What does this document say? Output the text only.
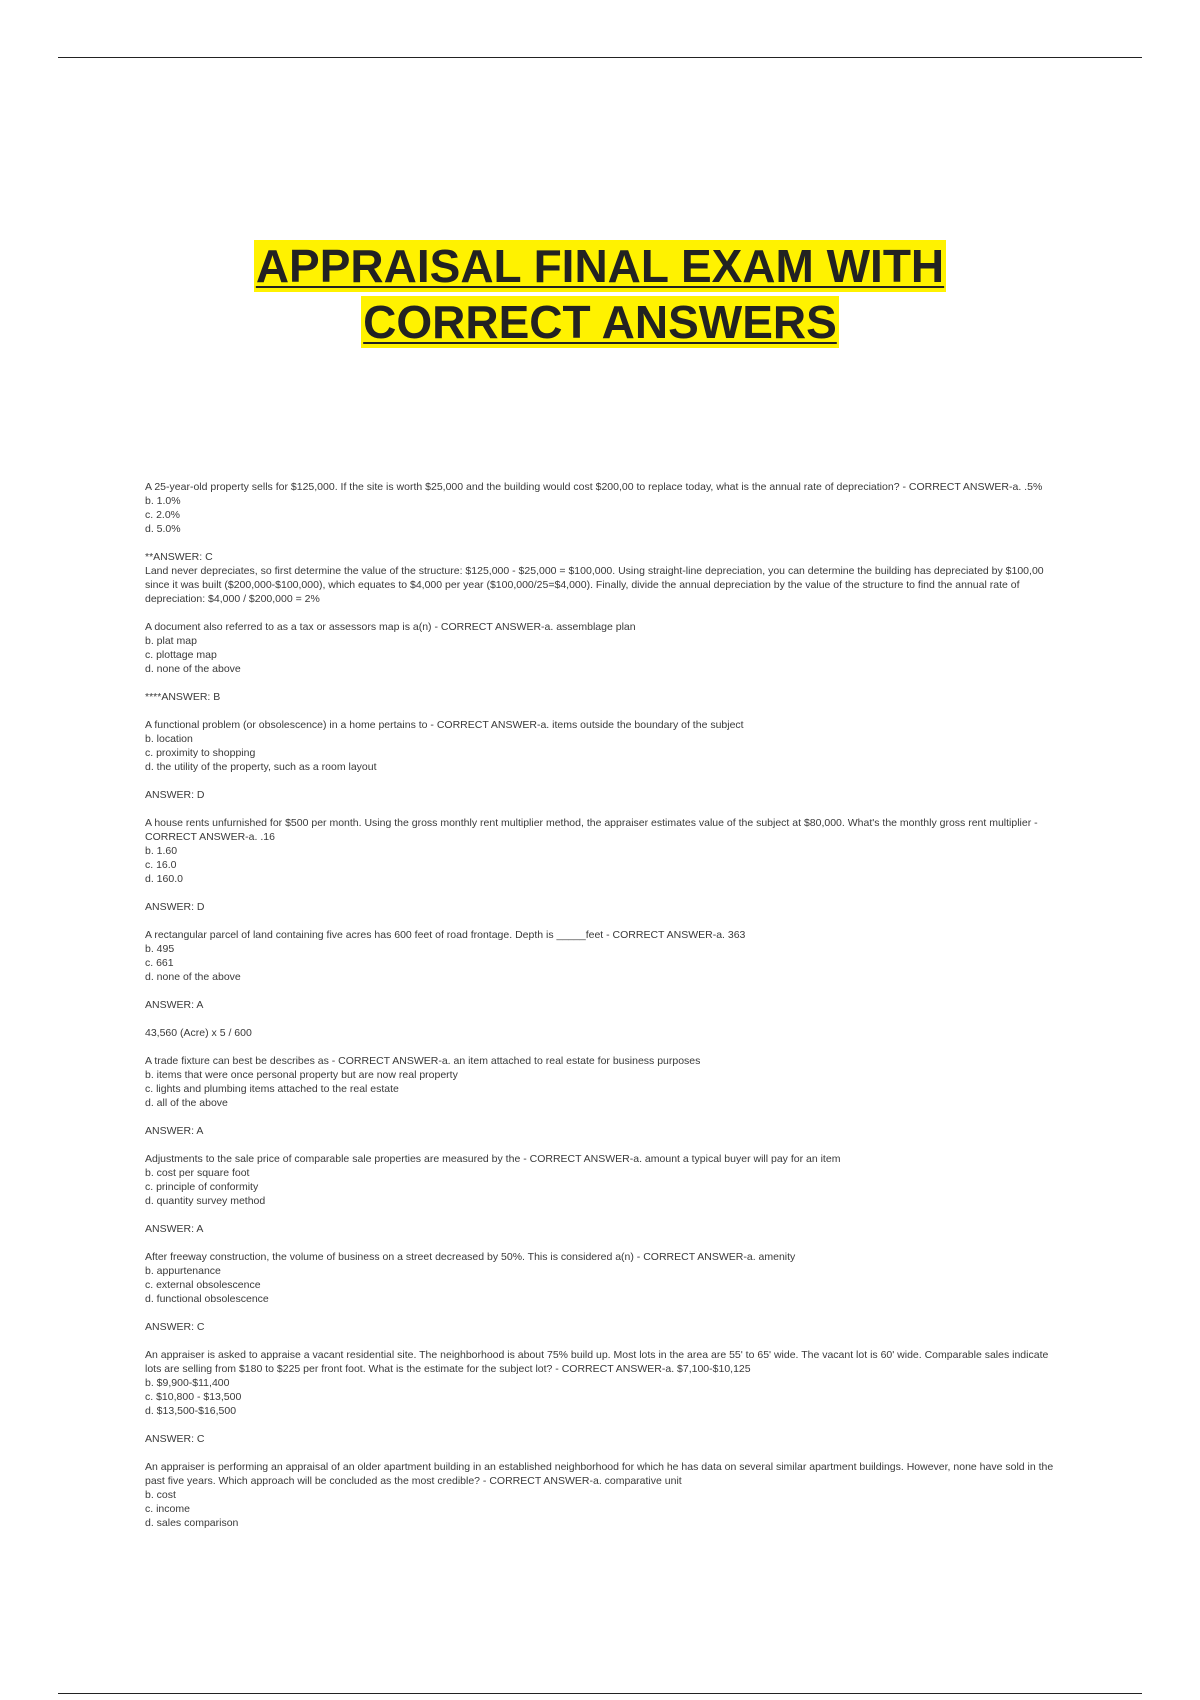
APPRAISAL FINAL EXAM WITH
CORRECT ANSWERS
A 25-year-old property sells for $125,000. If the site is worth $25,000 and the building would cost $200,00 to replace today, what is the annual rate of depreciation? - CORRECT ANSWER-a. .5%
b. 1.0%
c. 2.0%
d. 5.0%
**ANSWER: C
Land never depreciates, so first determine the value of the structure: $125,000 - $25,000 = $100,000. Using straight-line depreciation, you can determine the building has depreciated by $100,00 since it was built ($200,000-$100,000), which equates to $4,000 per year ($100,000/25=$4,000). Finally, divide the annual depreciation by the value of the structure to find the annual rate of depreciation: $4,000 / $200,000 = 2%
A document also referred to as a tax or assessors map is a(n) - CORRECT ANSWER-a. assemblage plan
b. plat map
c. plottage map
d. none of the above
****ANSWER: B
A functional problem (or obsolescence) in a home pertains to - CORRECT ANSWER-a. items outside the boundary of the subject
b. location
c. proximity to shopping
d. the utility of the property, such as a room layout
ANSWER: D
A house rents unfurnished for $500 per month. Using the gross monthly rent multiplier method, the appraiser estimates value of the subject at $80,000. What's the monthly gross rent multiplier - CORRECT ANSWER-a. .16
b. 1.60
c. 16.0
d. 160.0
ANSWER: D
A rectangular parcel of land containing five acres has 600 feet of road frontage. Depth is _____feet - CORRECT ANSWER-a. 363
b. 495
c. 661
d. none of the above
ANSWER: A
43,560 (Acre) x 5 / 600
A trade fixture can best be describes as - CORRECT ANSWER-a. an item attached to real estate for business purposes
b. items that were once personal property but are now real property
c. lights and plumbing items attached to the real estate
d. all of the above
ANSWER: A
Adjustments to the sale price of comparable sale properties are measured by the - CORRECT ANSWER-a. amount a typical buyer will pay for an item
b. cost per square foot
c. principle of conformity
d. quantity survey method
ANSWER: A
After freeway construction, the volume of business on a street decreased by 50%. This is considered a(n) - CORRECT ANSWER-a. amenity
b. appurtenance
c. external obsolescence
d. functional obsolescence
ANSWER: C
An appraiser is asked to appraise a vacant residential site. The neighborhood is about 75% build up. Most lots in the area are 55' to 65' wide. The vacant lot is 60' wide. Comparable sales indicate lots are selling from $180 to $225 per front foot. What is the estimate for the subject lot? - CORRECT ANSWER-a. $7,100-$10,125
b. $9,900-$11,400
c. $10,800 - $13,500
d. $13,500-$16,500
ANSWER: C
An appraiser is performing an appraisal of an older apartment building in an established neighborhood for which he has data on several similar apartment buildings. However, none have sold in the past five years. Which approach will be concluded as the most credible? - CORRECT ANSWER-a. comparative unit
b. cost
c. income
d. sales comparison
